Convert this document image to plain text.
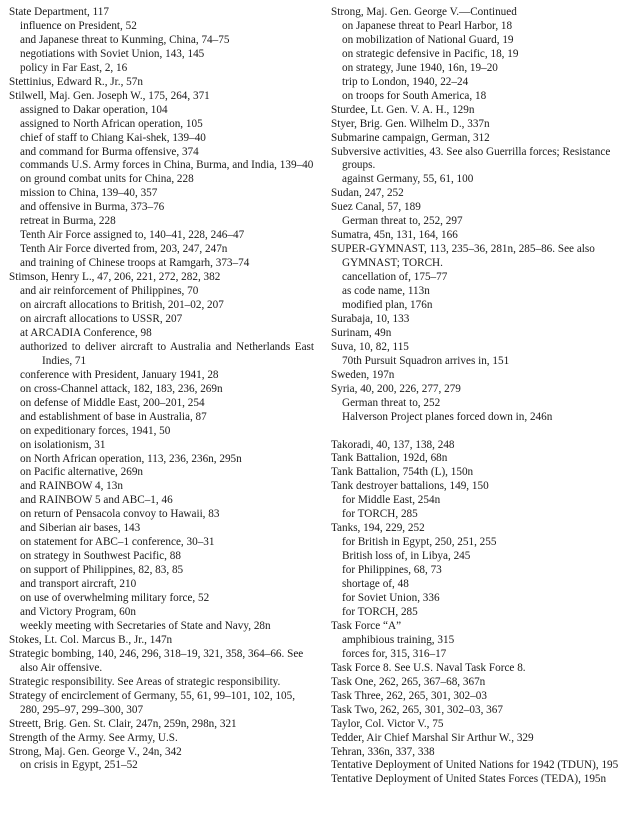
State Department, 117

influence on President, 52

and Japanese threat to Kunming, China, 74–75

negotiations with Soviet Union, 143, 145

policy in Far East, 2, 16

Stettinius, Edward R., Jr., 57n

Stilwell, Maj. Gen. Joseph W., 175, 264, 371

assigned to Dakar operation, 104

assigned to North African operation, 105

chief of staff to Chiang Kai-shek, 139–40

and command for Burma offensive, 374

commands U.S. Army forces in China, Burma, and India, 139–40

on ground combat units for China, 228

mission to China, 139–40, 357

and offensive in Burma, 373–76

retreat in Burma, 228

Tenth Air Force assigned to, 140–41, 228, 246–47

Tenth Air Force diverted from, 203, 247, 247n

and training of Chinese troops at Ramgarh, 373–74

Stimson, Henry L., 47, 206, 221, 272, 282, 382

and air reinforcement of Philippines, 70

on aircraft allocations to British, 201–02, 207

on aircraft allocations to USSR, 207

at ARCADIA Conference, 98

authorized to deliver aircraft to Australia and Netherlands East Indies, 71

conference with President, January 1941, 28

on cross-Channel attack, 182, 183, 236, 269n

on defense of Middle East, 200–201, 254

and establishment of base in Australia, 87

on expeditionary forces, 1941, 50

on isolationism, 31

on North African operation, 113, 236, 236n, 295n

on Pacific alternative, 269n

and RAINBOW 4, 13n

and RAINBOW 5 and ABC–1, 46

on return of Pensacola convoy to Hawaii, 83

and Siberian air bases, 143

on statement for ABC–1 conference, 30–31

on strategy in Southwest Pacific, 88

on support of Philippines, 82, 83, 85

and transport aircraft, 210

on use of overwhelming military force, 52

and Victory Program, 60n

weekly meeting with Secretaries of State and Navy, 28n

Stokes, Lt. Col. Marcus B., Jr., 147n

Strategic bombing, 140, 246, 296, 318–19, 321, 358, 364–66. See also Air offensive.

Strategic responsibility. See Areas of strategic responsibility.

Strategy of encirclement of Germany, 55, 61, 99–101, 102, 105, 280, 295–97, 299–300, 307

Streett, Brig. Gen. St. Clair, 247n, 259n, 298n, 321

Strength of the Army. See Army, U.S.

Strong, Maj. Gen. George V., 24n, 342

on crisis in Egypt, 251–52

Strong, Maj. Gen. George V.—Continued

on Japanese threat to Pearl Harbor, 18

on mobilization of National Guard, 19

on strategic defensive in Pacific, 18, 19

on strategy, June 1940, 16n, 19–20

trip to London, 1940, 22–24

on troops for South America, 18

Sturdee, Lt. Gen. V. A. H., 129n

Styer, Brig. Gen. Wilhelm D., 337n

Submarine campaign, German, 312

Subversive activities, 43. See also Guerrilla forces; Resistance groups.

against Germany, 55, 61, 100

Sudan, 247, 252

Suez Canal, 57, 189

German threat to, 252, 297

Sumatra, 45n, 131, 164, 166

SUPER-GYMNAST, 113, 235–36, 281n, 285–86. See also GYMNAST; TORCH.

cancellation of, 175–77

as code name, 113n

modified plan, 176n

Surabaja, 10, 133

Surinam, 49n

Suva, 10, 82, 115

70th Pursuit Squadron arrives in, 151

Sweden, 197n

Syria, 40, 200, 226, 277, 279

German threat to, 252

Halverson Project planes forced down in, 246n

Takoradi, 40, 137, 138, 248

Tank Battalion, 192d, 68n

Tank Battalion, 754th (L), 150n

Tank destroyer battalions, 149, 150

for Middle East, 254n

for TORCH, 285

Tanks, 194, 229, 252

for British in Egypt, 250, 251, 255

British loss of, in Libya, 245

for Philippines, 68, 73

shortage of, 48

for Soviet Union, 336

for TORCH, 285

Task Force “A”

amphibious training, 315

forces for, 315, 316–17

Task Force 8. See U.S. Naval Task Force 8.

Task One, 262, 265, 367–68, 367n

Task Three, 262, 265, 301, 302–03

Task Two, 262, 265, 301, 302–03, 367

Taylor, Col. Victor V., 75

Tedder, Air Chief Marshal Sir Arthur W., 329

Tehran, 336n, 337, 338

Tentative Deployment of United Nations for 1942 (TDUN), 195

Tentative Deployment of United States Forces (TEDA), 195n
